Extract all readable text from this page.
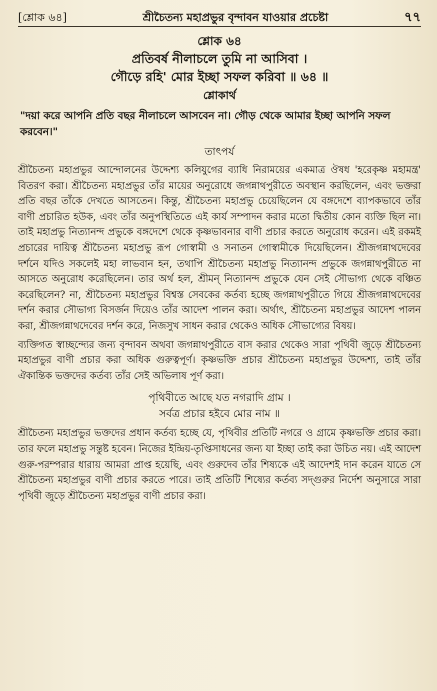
[শ্লোক ৬৪]	শ্রীচৈতন্য মহাপ্রভুর বৃন্দাবন যাওয়ার প্রচেষ্টা	৭৭
শ্লোক ৬৪
প্রতিবর্ষ নীলাচলে তুমি না আসিবা ।
গৌড়ে রহি' মোর ইচ্ছা সফল করিবা ॥ ৬৪ ॥
শ্লোকার্থ
"দয়া করে আপনি প্রতি বছর নীলাচলে আসবেন না। গৌড় থেকে আমার ইচ্ছা আপনি সফল করবেন।"
তাৎপর্য

শ্রীচৈতন্য মহাপ্রভুর আন্দোলনের উদ্দেশ্য কলিযুগের ব্যাধি নিরাময়ের একমাত্র ঔষধ 'হরেকৃষ্ণ মহামন্ত্র' বিতরণ করা। শ্রীচৈতন্য মহাপ্রভুর তাঁর মায়ের অনুরোধে জগন্নাথপুরীতে অবস্থান করছিলেন, এবং ভক্তরা প্রতি বছর তাঁকে দেখতে আসতেন। কিন্তু, শ্রীচৈতন্য মহাপ্রভু চেয়েছিলেন যে বঙ্গদেশে ব্যাপকভাবে তাঁর বাণী প্রচারিত হউক, এবং তাঁর অনুপস্থিতিতে এই কার্য সম্পাদন করার মতো দ্বিতীয় কোন ব্যক্তি ছিল না। তাই মহাপ্রভু নিত্যানন্দ প্রভুকে বঙ্গদেশে থেকে কৃষ্ণভাবনার বাণী প্রচার করতে অনুরোধ করেন। এই রকমই প্রচারের দায়িত্ব শ্রীচৈতন্য মহাপ্রভু রূপ গোস্বামী ও সনাতন গোস্বামীকে দিয়েছিলেন। শ্রীজগন্নাথদেবের দর্শনে যদিও সকলেই মহা লাভবান হন, তথাপি শ্রীচৈতন্য মহাপ্রভু নিত্যানন্দ প্রভুকে জগন্নাথপুরীতে না আসতে অনুরোধ করেছিলেন। তার অর্থ হল, শ্রীমন্ নিত্যানন্দ প্রভুকে যেন সেই সৌভাগ্য থেকে বঞ্চিত করেছিলেন? না, শ্রীচৈতন্য মহাপ্রভুর বিশ্বস্ত সেবকের কর্তব্য হচ্ছে জগন্নাথপুরীতে গিয়ে শ্রীজগন্নাথদেবের দর্শন করার সৌভাগ্য বিসর্জন দিয়েও তাঁর আদেশ পালন করা। অর্থাৎ, শ্রীচৈতন্য মহাপ্রভুর আদেশ পালন করা, শ্রীজগন্নাথদেবের দর্শন করে, নিজসুখ সাধন করার থেকেও অধিক সৌভাগ্যের বিষয়।

ব্যক্তিগত স্বাচ্ছন্দ্যের জন্য বৃন্দাবন অথবা জগন্নাথপুরীতে বাস করার থেকেও সারা পৃথিবী জুড়ে শ্রীচৈতন্য মহাপ্রভুর বাণী প্রচার করা অধিক গুরুত্বপূর্ণ। কৃষ্ণভক্তি প্রচার শ্রীচৈতন্য মহাপ্রভুর উদ্দেশ্য, তাই তাঁর ঐকান্তিক ভক্তদের কর্তব্য তাঁর সেই অভিলাষ পূর্ণ করা।

পৃথিবীতে আছে যত নগরাদি গ্রাম ।
সর্বত্র প্রচার হইবে মোর নাম ॥

শ্রীচৈতন্য মহাপ্রভুর ভক্তদের প্রধান কর্তব্য হচ্ছে যে, পৃথিবীর প্রতিটি নগরে ও গ্রামে কৃষ্ণভক্তি প্রচার করা। তার ফলে মহাপ্রভু সন্তুষ্ট হবেন। নিজের ইন্দ্রিয়-তৃপ্তিসাধনের জন্য যা ইচ্ছা তাই করা উচিত নয়। এই আদেশ গুরু-পরম্পরার ধারায় আমরা প্রাপ্ত হয়েছি, এবং গুরুদেব তাঁর শিষ্যকে এই আদেশই দান করেন যাতে সে শ্রীচৈতন্য মহাপ্রভুর বাণী প্রচার করতে পারে। তাই প্রতিটি শিষ্যের কর্তব্য সদ্গুরুর নির্দেশ অনুসারে সারা পৃথিবী জুড়ে শ্রীচৈতন্য মহাপ্রভুর বাণী প্রচার করা।
